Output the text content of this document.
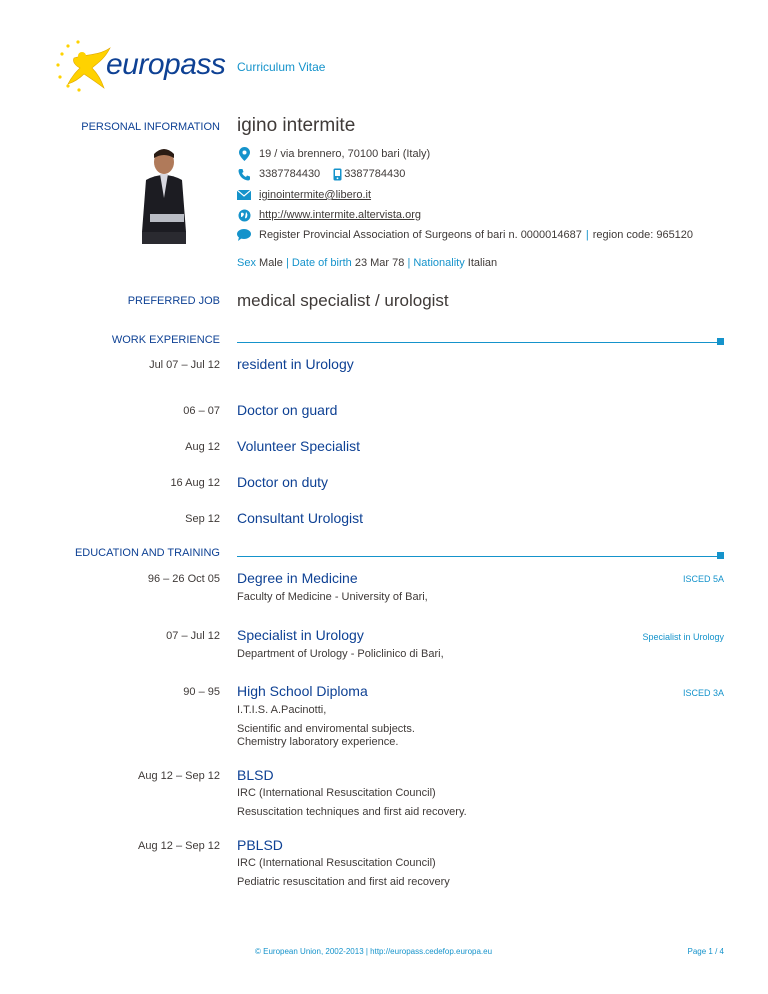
europass Curriculum Vitae
PERSONAL INFORMATION igino intermite
19 / via brennero, 70100 bari (Italy)
3387784430 3387784430
iginointermite@libero.it
http://www.intermite.altervista.org
Register Provincial Association of Surgeons of bari n. 0000014687 | region code: 965120
Sex Male | Date of birth 23 Mar 78 | Nationality Italian
PREFERRED JOB medical specialist / urologist
WORK EXPERIENCE
Jul 07 – Jul 12 resident in Urology
06 – 07 Doctor on guard
Aug 12 Volunteer Specialist
16 Aug 12 Doctor on duty
Sep 12 Consultant Urologist
EDUCATION AND TRAINING
96 – 26 Oct 05 Degree in Medicine	ISCED 5A
Faculty of Medicine - University of Bari,
07 – Jul 12 Specialist in Urology	Specialist in Urology
Department of Urology - Policlinico di Bari,
90 – 95 High School Diploma	ISCED 3A
I.T.I.S. A.Pacinotti,
Scientific and enviromental subjects.
Chemistry laboratory experience.
Aug 12 – Sep 12 BLSD
IRC (International Resuscitation Council)
Resuscitation techniques and first aid recovery.
Aug 12 – Sep 12 PBLSD
IRC (International Resuscitation Council)
Pediatric resuscitation and first aid recovery
© European Union, 2002-2013 | http://europass.cedefop.europa.eu	Page 1 / 4
